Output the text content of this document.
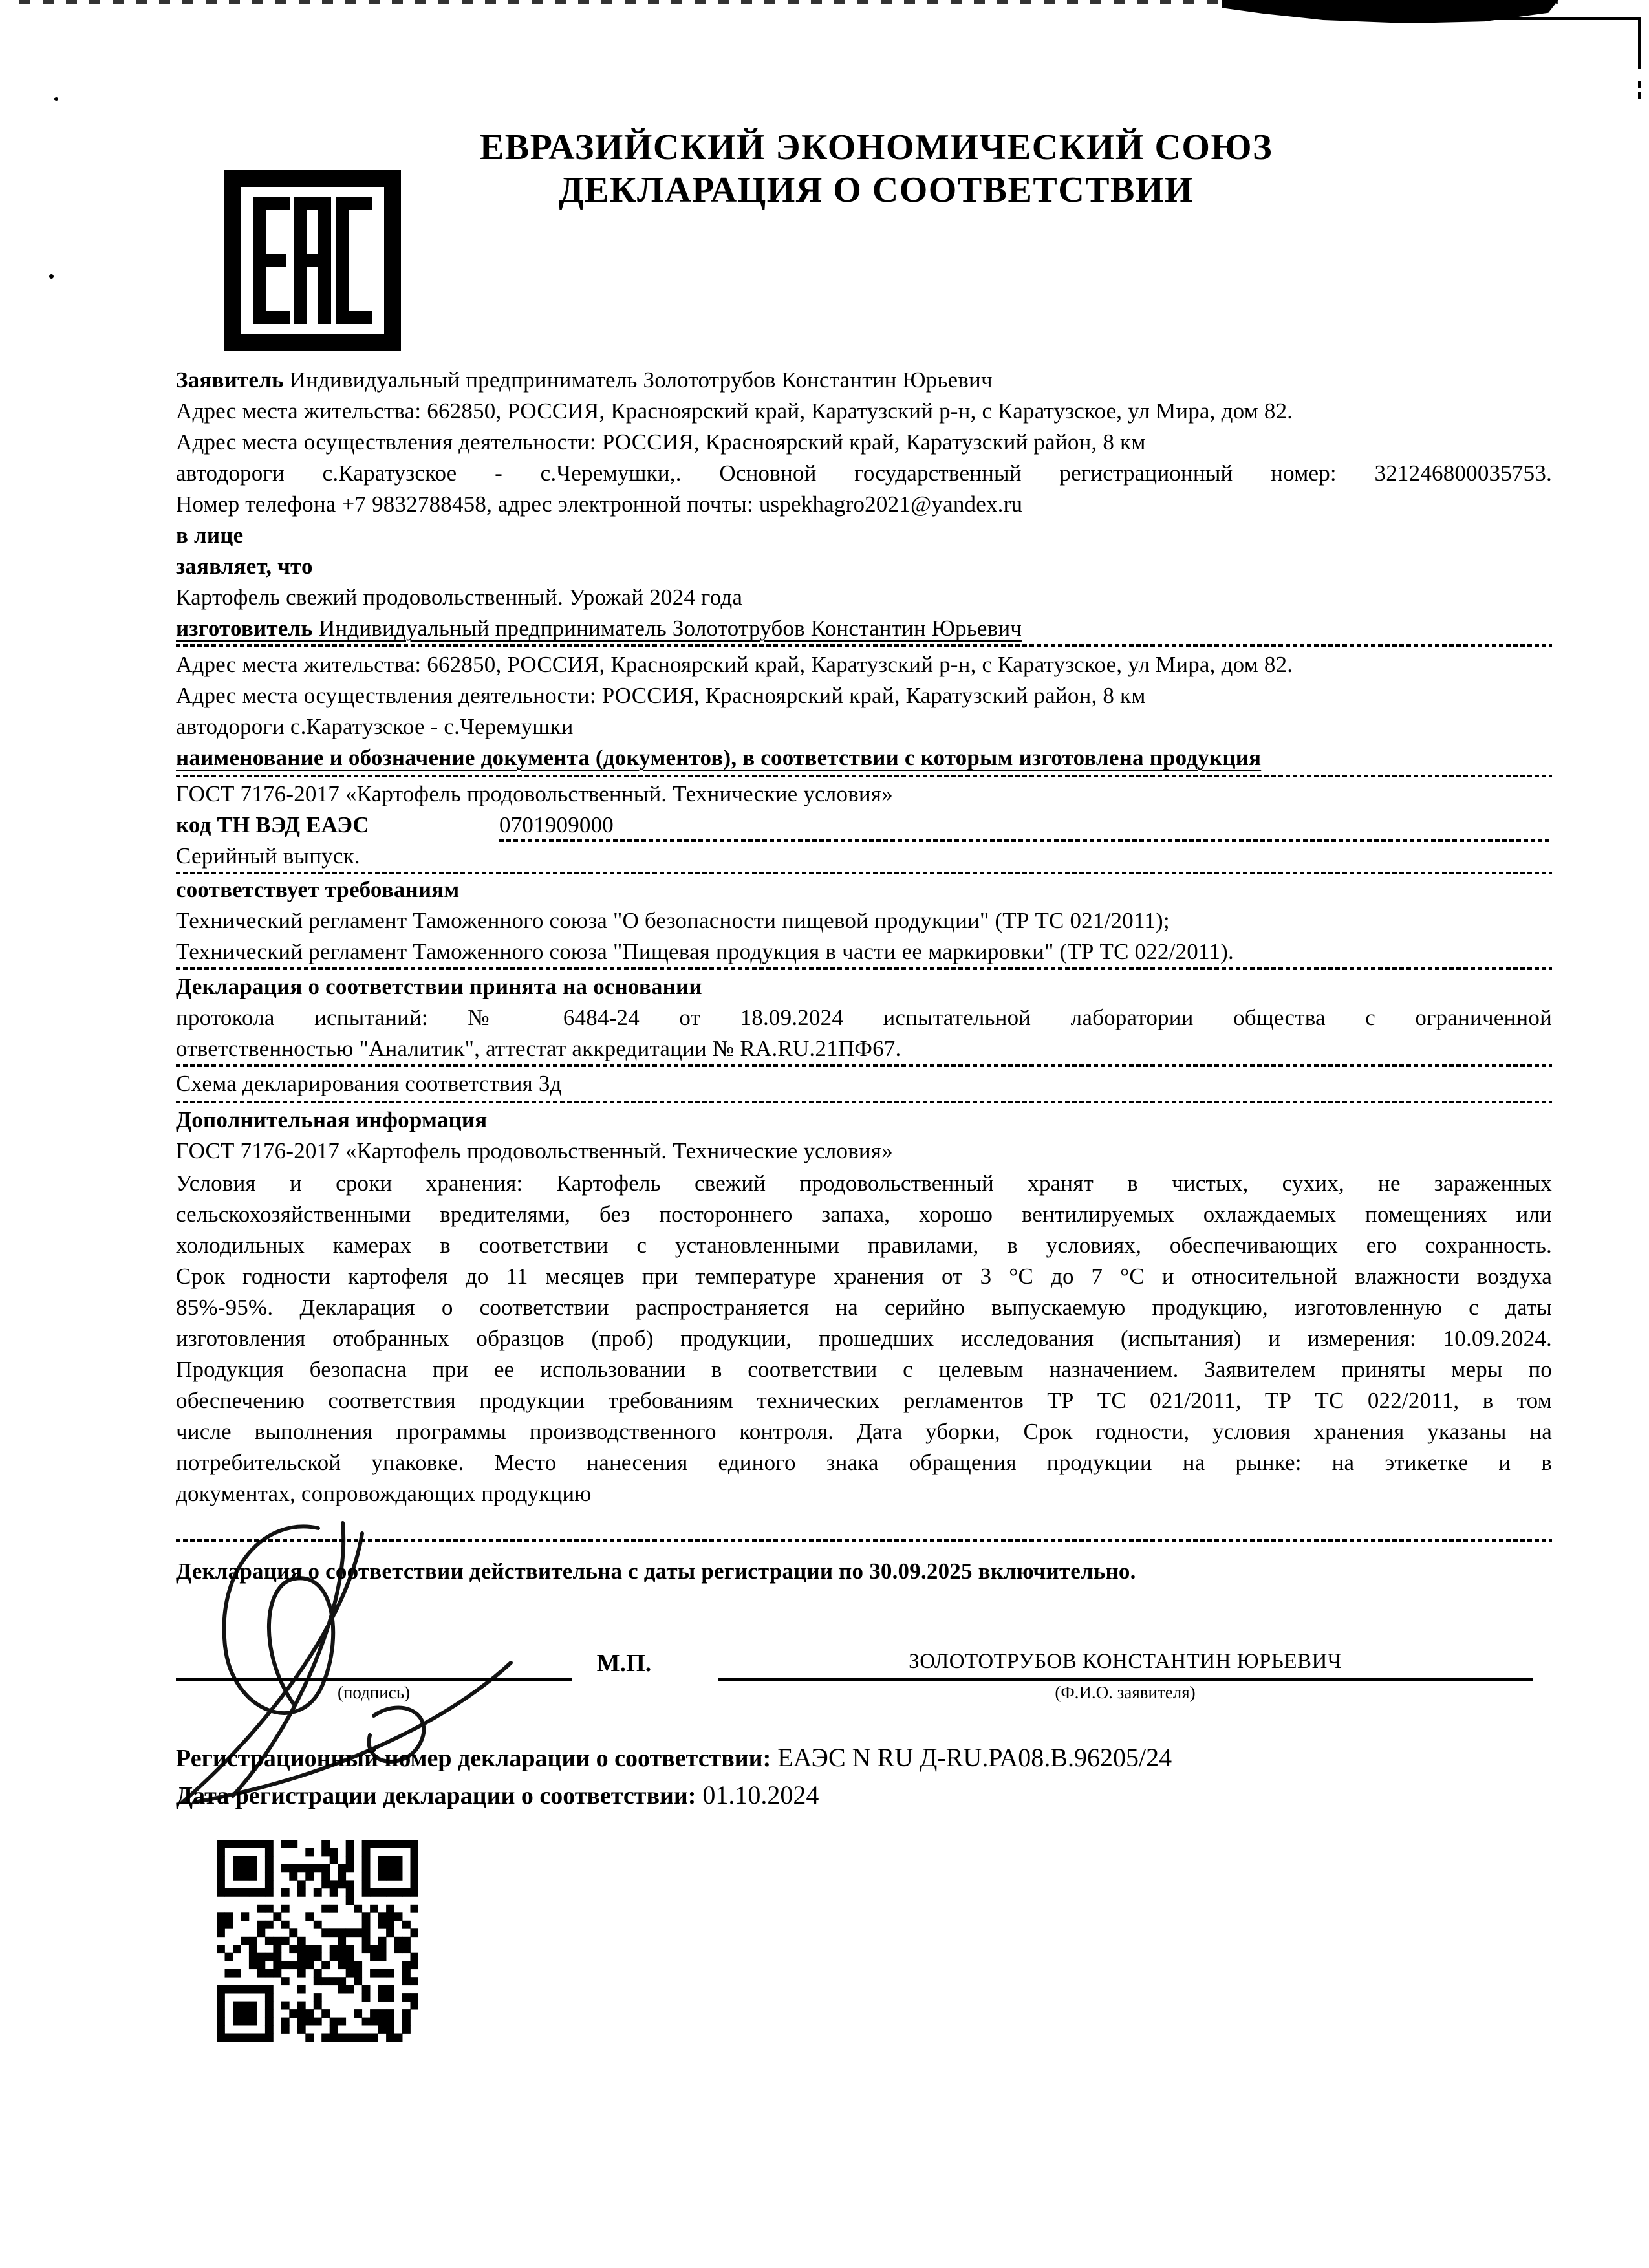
ЕВРАЗИЙСКИЙ ЭКОНОМИЧЕСКИЙ СОЮЗ
ДЕКЛАРАЦИЯ О СООТВЕТСТВИИ
Заявитель Индивидуальный предприниматель Золототрубов Константин Юрьевич
Адрес места жительства: 662850, РОССИЯ, Красноярский край, Каратузский р-н, с Каратузское, ул Мира, дом 82.
Адрес места осуществления деятельности: РОССИЯ, Красноярский край, Каратузский район, 8 км
автодороги с.Каратузское - с.Черемушки,. Основной государственный регистрационный номер: 321246800035753.
Номер телефона +7 9832788458, адрес электронной почты: uspekhagro2021@yandex.ru
в лице
заявляет, что
Картофель свежий продовольственный. Урожай 2024 года
изготовитель Индивидуальный предприниматель Золототрубов Константин Юрьевич
Адрес места жительства: 662850, РОССИЯ, Красноярский край, Каратузский р-н, с Каратузское, ул Мира, дом 82.
Адрес места осуществления деятельности: РОССИЯ, Красноярский край, Каратузский район, 8 км
автодороги с.Каратузское - с.Черемушки
наименование и обозначение документа (документов), в соответствии с которым изготовлена продукция
ГОСТ 7176-2017 «Картофель продовольственный. Технические условия»
код ТН ВЭД ЕАЭС	0701909000
Серийный выпуск.
соответствует требованиям
Технический регламент Таможенного союза "О безопасности пищевой продукции" (ТР ТС 021/2011);
Технический регламент Таможенного союза "Пищевая продукция в части ее маркировки" (ТР ТС 022/2011).
Декларация о соответствии принята на основании
протокола испытаний: № 6484-24 от 18.09.2024 испытательной лаборатории общества с ограниченной
ответственностью "Аналитик", аттестат аккредитации № RA.RU.21ПФ67.
Схема декларирования соответствия 3д
Дополнительная информация
ГОСТ 7176-2017 «Картофель продовольственный. Технические условия»
Условия и сроки хранения: Картофель свежий продовольственный хранят в чистых, сухих, не зараженных
сельскохозяйственными вредителями, без постороннего запаха, хорошо вентилируемых охлаждаемых помещениях или
холодильных камерах в соответствии с установленными правилами, в условиях, обеспечивающих его сохранность.
Срок годности картофеля до 11 месяцев при температуре хранения от 3 °С до 7 °С и относительной влажности воздуха
85%-95%. Декларация о соответствии распространяется на серийно выпускаемую продукцию, изготовленную с даты
изготовления отобранных образцов (проб) продукции, прошедших исследования (испытания) и измерения: 10.09.2024.
Продукция безопасна при ее использовании в соответствии с целевым назначением. Заявителем приняты меры по
обеспечению соответствия продукции требованиям технических регламентов ТР ТС 021/2011, ТР ТС 022/2011, в том
числе выполнения программы производственного контроля. Дата уборки, Срок годности, условия хранения указаны на
потребительской упаковке. Место нанесения единого знака обращения продукции на рынке: на этикетке и в
документах, сопровождающих продукцию
Декларация о соответствии действительна с даты регистрации по 30.09.2025 включительно.
(подпись)
М.П.	ЗОЛОТОТРУБОВ КОНСТАНТИН ЮРЬЕВИЧ
(Ф.И.О. заявителя)
Регистрационный номер декларации о соответствии: ЕАЭС N RU Д-RU.РА08.В.96205/24
Дата регистрации декларации о соответствии: 01.10.2024
